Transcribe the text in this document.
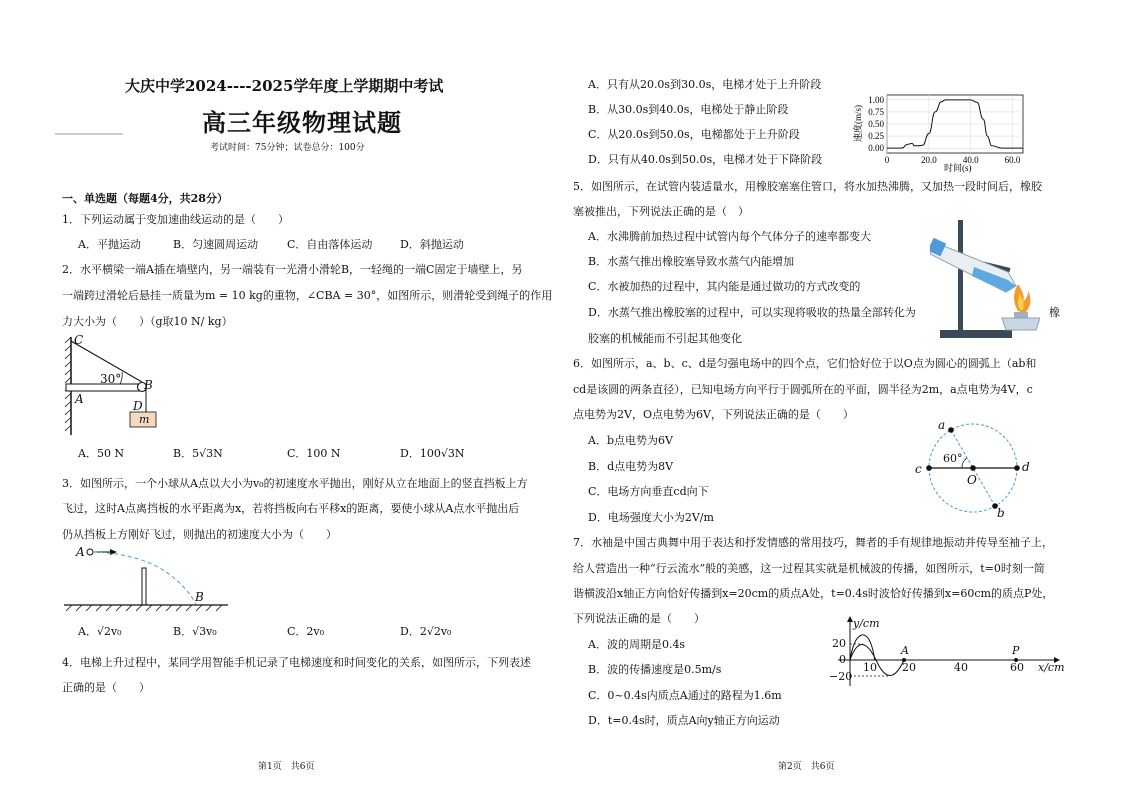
大庆中学2024----2025学年度上学期期中考试
高三年级物理试题
考试时间：75分钟；试卷总分：100分
一、单选题（每题4分，共28分）
1．下列运动属于变加速曲线运动的是（　　）
A．平抛运动	B．匀速圆周运动	C．自由落体运动	D．斜抛运动
2．水平横梁一端A插在墙壁内，另一端装有一光滑小滑轮B，一轻绳的一端C固定于墙壁上，另
一端跨过滑轮后悬挂一质量为m = 10 kg的重物，∠CBA = 30°，如图所示，则滑轮受到绳子的作用
力大小为（　　）（g取10 N/ kg）
C
30° B
A	D
m
A．50 N	B．5√3N	C．100 N	D．100√3N
3．如图所示，一个小球从A点以大小为v₀的初速度水平抛出，刚好从立在地面上的竖直挡板上方
飞过，这时A点离挡板的水平距离为x，若将挡板向右平移x的距离，要使小球从A点水平抛出后
仍从挡板上方刚好飞过，则抛出的初速度大小为（　　）
A
B
A．√2v₀	B．√3v₀	C．2v₀	D．2√2v₀
4．电梯上升过程中，某同学用智能手机记录了电梯速度和时间变化的关系，如图所示，下列表述
正确的是（　　）
第1页　共6页
A．只有从20.0s到30.0s，电梯才处于上升阶段
B．从30.0s到40.0s，电梯处于静止阶段
C．从20.0s到50.0s，电梯都处于上升阶段
D．只有从40.0s到50.0s，电梯才处于下降阶段
1.00
0.75
0.50
0.25
0.00
0	20.0	40.0	60.0
速度(m/s)
时间(s)
5．如图所示，在试管内装适量水，用橡胶塞塞住管口，将水加热沸腾，又加热一段时间后，橡胶
塞被推出，下列说法正确的是（　）
A．水沸腾前加热过程中试管内每个气体分子的速率都变大
B．水蒸气推出橡胶塞导致水蒸气内能增加
C．水被加热的过程中，其内能是通过做功的方式改变的
D．水蒸气推出橡胶塞的过程中，可以实现将吸收的热量全部转化为	橡
胶塞的机械能而不引起其他变化
6．如图所示，a、b、c、d是匀强电场中的四个点，它们恰好位于以O点为圆心的圆弧上（ab和
cd是该圆的两条直径），已知电场方向平行于圆弧所在的平面，圆半径为2m，a点电势为4V，c
点电势为2V，O点电势为6V，下列说法正确的是（　　）
A．b点电势为6V
B．d点电势为8V
C．电场方向垂直cd向下
D．电场强度大小为2V/m
a
60°
c	d
O
b
7．水袖是中国古典舞中用于表达和抒发情感的常用技巧，舞者的手有规律地振动并传导至袖子上，
给人营造出一种“行云流水”般的美感，这一过程其实就是机械波的传播，如图所示，t=0时刻一简
谐横波沿x轴正方向恰好传播到x=20cm的质点A处，t=0.4s时波恰好传播到x=60cm的质点P处，
下列说法正确的是（　　）
A．波的周期是0.4s
B．波的传播速度是0.5m/s
C．0~0.4s内质点A通过的路程为1.6m
D．t=0.4s时，质点A向y轴正方向运动
y/cm
20
0
A	P
10 20	40	60 x/cm
−20
第2页　共6页
